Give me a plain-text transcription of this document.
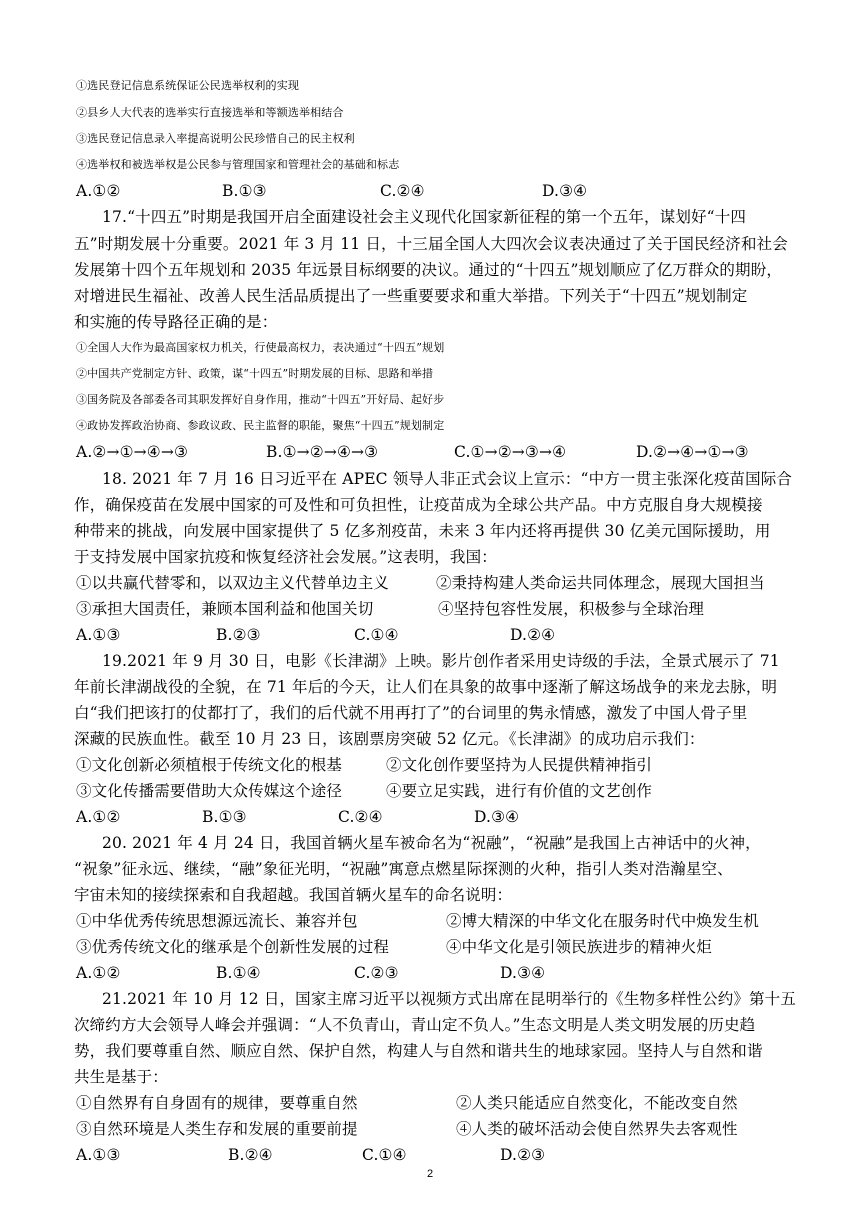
①选民登记信息系统保证公民选举权利的实现
②县乡人大代表的选举实行直接选举和等额选举相结合
③选民登记信息录入率提高说明公民珍惜自己的民主权利
④选举权和被选举权是公民参与管理国家和管理社会的基础和标志
A.①②	B.①③	C.②④	D.③④
17.“十四五”时期是我国开启全面建设社会主义现代化国家新征程的第一个五年，谋划好“十四
五”时期发展十分重要。2021 年 3 月 11 日，十三届全国人大四次会议表决通过了关于国民经济和社会
发展第十四个五年规划和 2035 年远景目标纲要的决议。通过的“十四五”规划顺应了亿万群众的期盼，
对增进民生福祉、改善人民生活品质提出了一些重要要求和重大举措。下列关于“十四五”规划制定
和实施的传导路径正确的是：
①全国人大作为最高国家权力机关，行使最高权力，表决通过“十四五”规划
②中国共产党制定方针、政策，谋“十四五”时期发展的目标、思路和举措
③国务院及各部委各司其职发挥好自身作用，推动“十四五”开好局、起好步
④政协发挥政治协商、参政议政、民主监督的职能，聚焦“十四五”规划制定
A.②→①→④→③	B.①→②→④→③	C.①→②→③→④	D.②→④→①→③
18. 2021 年 7 月 16 日习近平在 APEC 领导人非正式会议上宣示：“中方一贯主张深化疫苗国际合
作，确保疫苗在发展中国家的可及性和可负担性，让疫苗成为全球公共产品。中方克服自身大规模接
种带来的挑战，向发展中国家提供了 5 亿多剂疫苗，未来 3 年内还将再提供 30 亿美元国际援助，用
于支持发展中国家抗疫和恢复经济社会发展。”这表明，我国：
①以共赢代替零和，以双边主义代替单边主义	②秉持构建人类命运共同体理念，展现大国担当
③承担大国责任，兼顾本国利益和他国关切	④坚持包容性发展，积极参与全球治理
A.①③	B.②③	C.①④	D.②④
19.2021 年 9 月 30 日，电影《长津湖》上映。影片创作者采用史诗级的手法，全景式展示了 71
年前长津湖战役的全貌，在 71 年后的今天，让人们在具象的故事中逐渐了解这场战争的来龙去脉，明
白“我们把该打的仗都打了，我们的后代就不用再打了”的台词里的隽永情感，激发了中国人骨子里
深藏的民族血性。截至 10 月 23 日，该剧票房突破 52 亿元。《长津湖》的成功启示我们：
①文化创新必须植根于传统文化的根基	②文化创作要坚持为人民提供精神指引
③文化传播需要借助大众传媒这个途径	④要立足实践，进行有价值的文艺创作
A.①②	B.①③	C.②④	D.③④
20. 2021 年 4 月 24 日，我国首辆火星车被命名为“祝融”，“祝融”是我国上古神话中的火神，
“祝象”征永远、继续，“融”象征光明，“祝融”寓意点燃星际探测的火种，指引人类对浩瀚星空、
宇宙未知的接续探索和自我超越。我国首辆火星车的命名说明：
①中华优秀传统思想源远流长、兼容并包	②博大精深的中华文化在服务时代中焕发生机
③优秀传统文化的继承是个创新性发展的过程	④中华文化是引领民族进步的精神火炬
A.①②	B.①④	C.②③	D.③④
21.2021 年 10 月 12 日，国家主席习近平以视频方式出席在昆明举行的《生物多样性公约》第十五
次缔约方大会领导人峰会并强调：“人不负青山，青山定不负人。”生态文明是人类文明发展的历史趋
势，我们要尊重自然、顺应自然、保护自然，构建人与自然和谐共生的地球家园。坚持人与自然和谐
共生是基于：
①自然界有自身固有的规律，要尊重自然	②人类只能适应自然变化，不能改变自然
③自然环境是人类生存和发展的重要前提	④人类的破坏活动会使自然界失去客观性
A.①③	B.②④	C.①④	D.②③
2
